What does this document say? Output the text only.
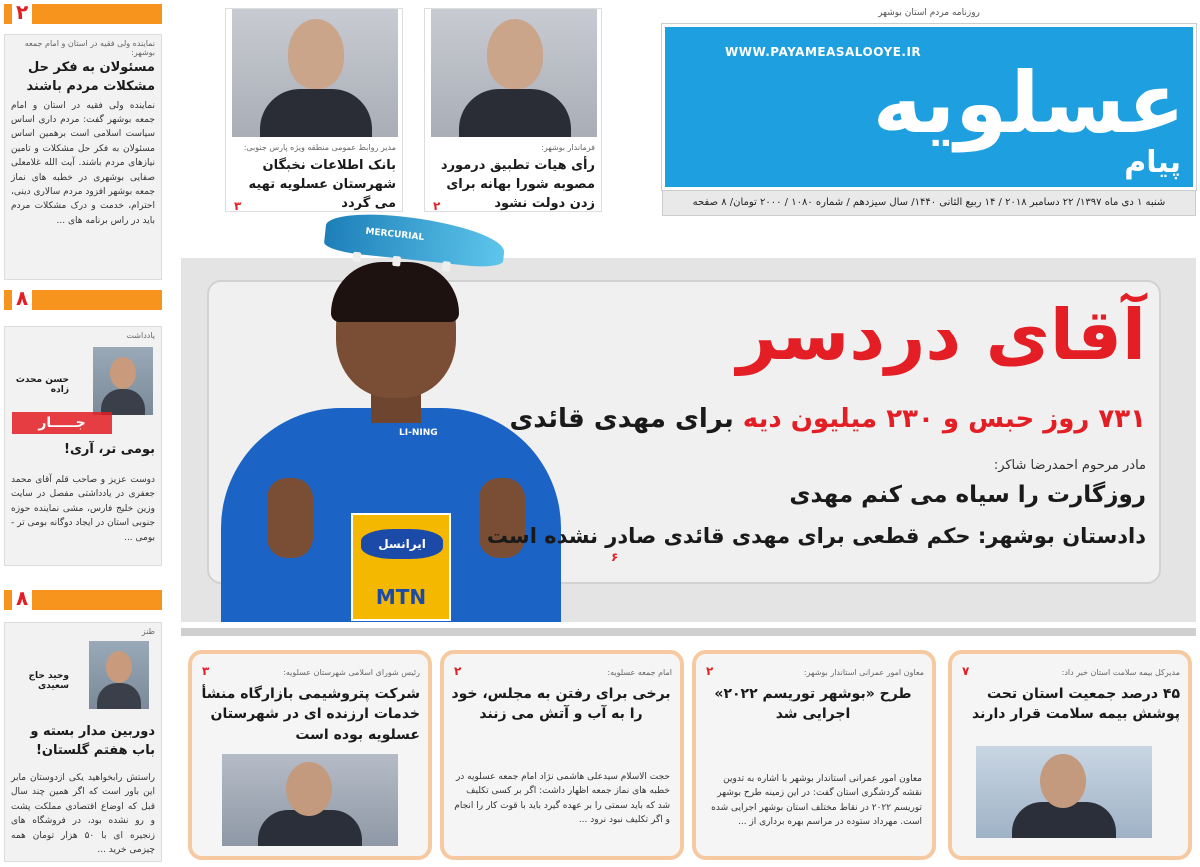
روزنامه مردم استان بوشهر
WWW.PAYAMEASALOOYE.IR
عسلویه
پیام
شنبه ۱ دی ماه ۱۳۹۷/ ۲۲ دسامبر ۲۰۱۸ / ۱۴ ربیع الثانی ۱۴۴۰/ سال سیزدهم / شماره ۱۰۸۰ / ۲۰۰۰ تومان/ ۸ صفحه
فرماندار بوشهر:
رأی هیات تطبیق درمورد مصوبه شورا بهانه برای زدن دولت نشود
۲
مدیر روابط عمومی منطقه ویژه پارس جنوبی:
بانک اطلاعات نخبگان شهرستان عسلویه تهیه می گردد
۳
۲
نماینده ولی فقیه در استان و امام جمعه بوشهر:
مسئولان به فکر حل مشکلات مردم باشند

نماینده ولی فقیه در استان و امام جمعه بوشهر گفت: مردم داری اساس سیاست اسلامی است برهمین اساس مسئولان به فکر حل مشکلات و تامین نیازهای مردم باشند. آیت الله غلامعلی صفایی بوشهری در خطبه های نماز جمعه بوشهر افزود مردم سالاری دینی، احترام، خدمت و درک مشکلات مردم باید در راس برنامه های ...

۸
یادداشت
حسن محدث زاده
بومی تر، آری!

دوست عزیز و صاحب قلم آقای محمد جعفری در یادداشتی مفصل در سایت وزین خلیج فارس، مشی نماینده حوزه جنوبی استان در ایجاد دوگانه بومی تر - بومی ...

جـــــار
۸
طنز
وحید حاج سعیدی
دوربین مدار بسته و باب هفتم گلستان!

راستش رابخواهید یکی ازدوستان مابر این باور است که اگر همین چند سال قبل که اوضاع اقتصادی مملکت پشت و رو نشده بود، در فروشگاه های زنجیره ای با ۵۰ هزار تومان همه چیزمی خرید ...

LI-NING
MERCURIAL
ایرانسل
MTN
آقای دردسر
۷۳۱ روز حبس و ۲۳۰ میلیون دیه برای مهدی قائدی
مادر مرحوم احمدرضا شاکر:
روزگارت را سیاه می کنم مهدی
دادستان بوشهر: حکم قطعی برای مهدی قائدی صادر نشده است
۶
مدیرکل بیمه سلامت استان خبر داد:
۷
۴۵ درصد جمعیت استان تحت پوشش بیمه سلامت قرار دارند
معاون امور عمرانی استاندار بوشهر:
۲
طرح «بوشهر توریسم ۲۰۲۲» اجرایی شد

معاون امور عمرانی استاندار بوشهر با اشاره به تدوین نقشه گردشگری استان گفت: در این زمینه طرح بوشهر توریسم ۲۰۲۲ در نقاط مختلف استان بوشهر اجرایی شده است. مهرداد ستوده در مراسم بهره برداری از ...

امام جمعه عسلویه:
۲
برخی برای رفتن به مجلس، خود را به آب و آتش می زنند

حجت الاسلام سیدعلی هاشمی نژاد امام جمعه عسلویه در خطبه های نماز جمعه اظهار داشت: اگر بر کسی تکلیف شد که باید سمتی را بر عهده گیرد باید با قوت کار را انجام و اگر تکلیف نبود نرود ...

رئیس شورای اسلامی شهرستان عسلویه:
۳
شرکت پتروشیمی بازارگاه منشأ خدمات ارزنده ای در شهرستان عسلویه بوده است
